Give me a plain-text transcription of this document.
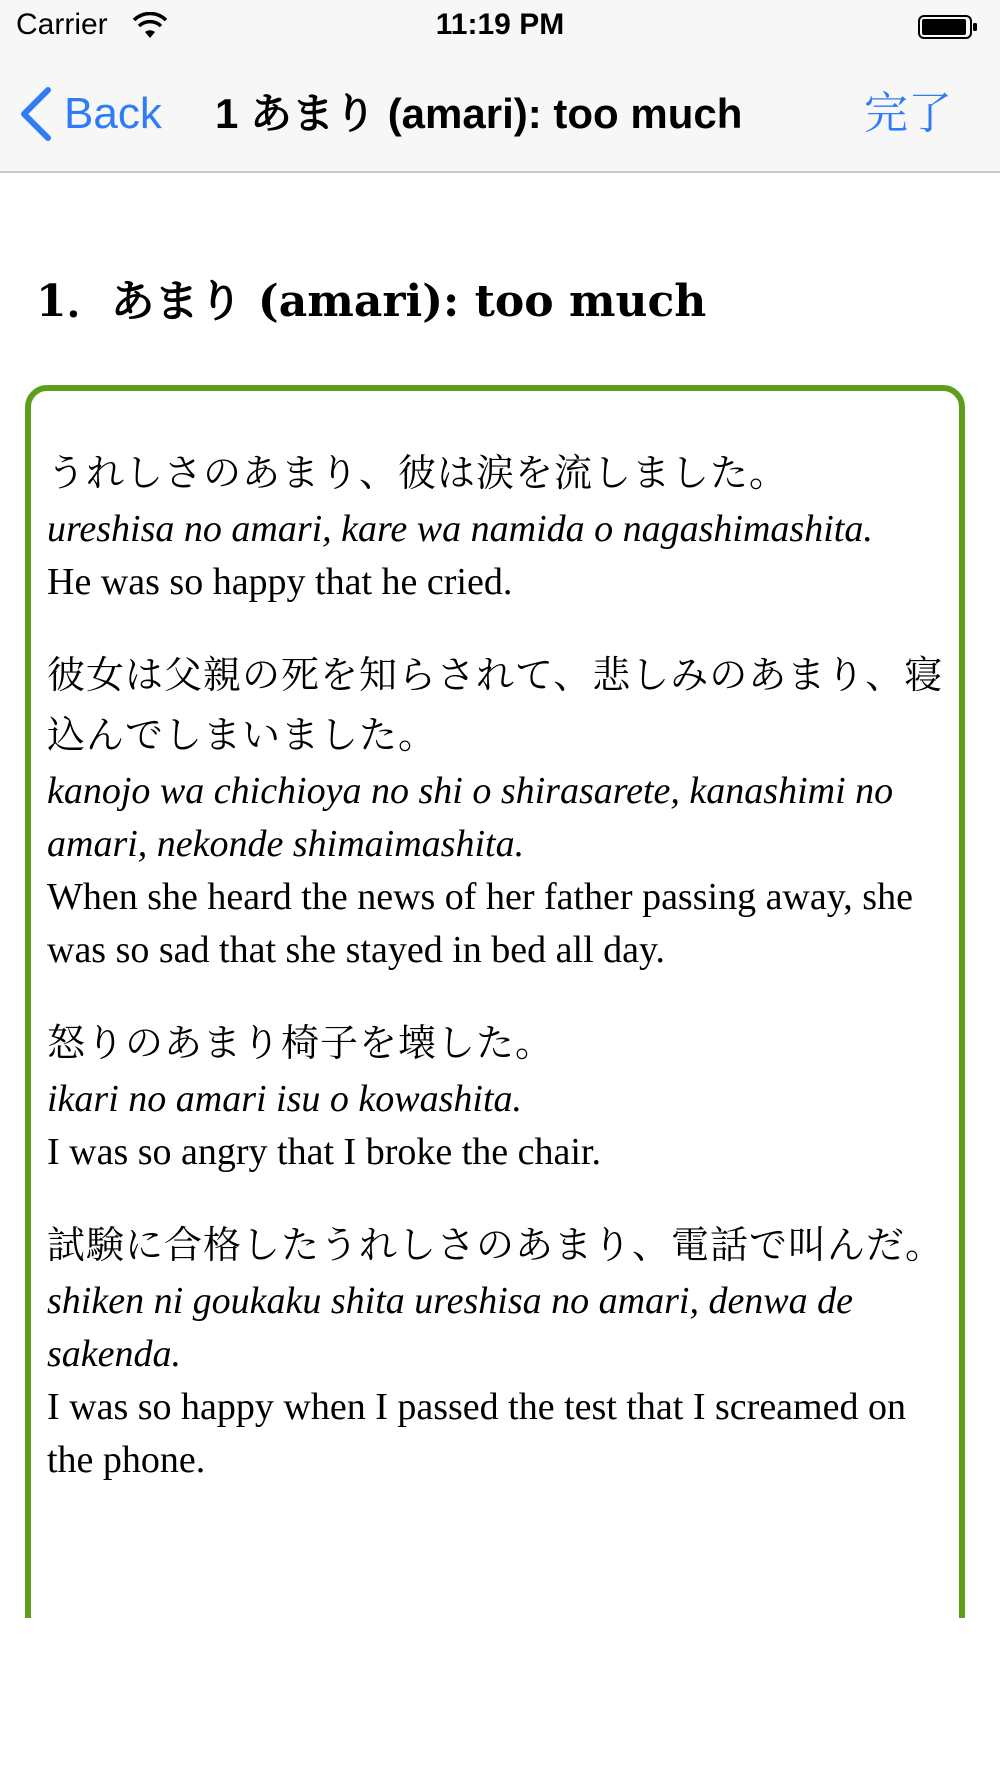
Carrier	11:19 PM
Back 1 あまり (amari): too much	完了
1．あまり (amari): too much

うれしさのあまり、彼は涙を流しました。

ureshisa no amari, kare wa namida o nagashimashita.

He was so happy that he cried.

彼女は父親の死を知らされて、悲しみのあまり、寝込んでしまいました。

kanojo wa chichioya no shi o shirasarete, kanashimi no amari, nekonde shimaimashita.

When she heard the news of her father passing away, she was so sad that she stayed in bed all day.

怒りのあまり椅子を壊した。

ikari no amari isu o kowashita.

I was so angry that I broke the chair.

試験に合格したうれしさのあまり、電話で叫んだ。

shiken ni goukaku shita ureshisa no amari, denwa de sakenda.

I was so happy when I passed the test that I screamed on the phone.
